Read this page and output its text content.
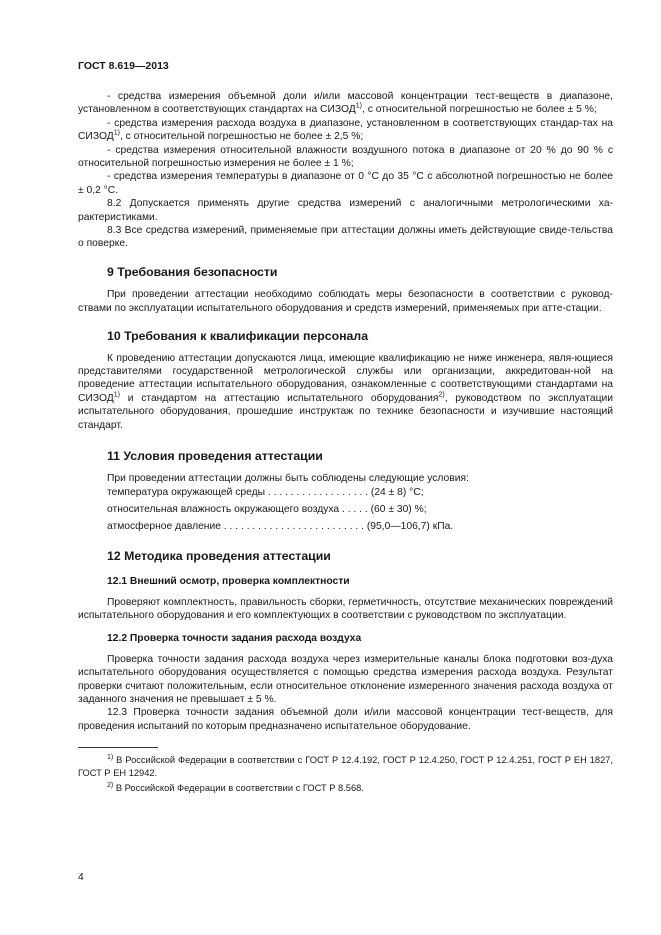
ГОСТ 8.619—2013

- средства измерения объемной доли и/или массовой концентрации тест-веществ в диапазоне, установленном в соответствующих стандартах на СИЗОД$^{1)}$, с относительной погрешностью не более ± 5 %;

- средства измерения расхода воздуха в диапазоне, установленном в соответствующих стандар-тах на СИЗОД$^{1)}$, с относительной погрешностью не более ± 2,5 %;

- средства измерения относительной влажности воздушного потока в диапазоне от 20 % до 90 % с относительной погрешностью измерения не более ± 1 %;

- средства измерения температуры в диапазоне от 0 °С до 35 °С с абсолютной погрешностью не более ± 0,2 °С.

8.2 Допускается применять другие средства измерений с аналогичными метрологическими ха-рактеристиками.

8.3 Все средства измерений, применяемые при аттестации должны иметь действующие свиде-тельства о поверке.

9 Требования безопасности

При проведении аттестации необходимо соблюдать меры безопасности в соответствии с руковод-ствами по эксплуатации испытательного оборудования и средств измерений, применяемых при атте-стации.

10 Требования к квалификации персонала

К проведению аттестации допускаются лица, имеющие квалификацию не ниже инженера, явля-ющиеся представителями государственной метрологической службы или организации, аккредитован-ной на проведение аттестации испытательного оборудования, ознакомленные с соответствующими стандартами на СИЗОД$^{1)}$ и стандартом на аттестацию испытательного оборудования$^{2)}$, руководством по эксплуатации испытательного оборудования, прошедшие инструктаж по технике безопасности и изучившие настоящий стандарт.

11 Условия проведения аттестации

При проведении аттестации должны быть соблюдены следующие условия:

температура окружающей среды . . . . . . . . . . . . . . . . . . (24 ± 8) °С;
относительная влажность окружающего воздуха . . . . . (60 ± 30) %;
атмосферное давление . . . . . . . . . . . . . . . . . . . . . . . . . (95,0—106,7) кПа.
12 Методика проведения аттестации
12.1 Внешний осмотр, проверка комплектности

Проверяют комплектность, правильность сборки, герметичность, отсутствие механических повреждений испытательного оборудования и его комплектующих в соответствии с руководством по эксплуатации.

12.2 Проверка точности задания расхода воздуха

Проверка точности задания расхода воздуха через измерительные каналы блока подготовки воз-духа испытательного оборудования осуществляется с помощью средства измерения расхода воздуха. Результат проверки считают положительным, если относительное отклонение измеренного значения расхода воздуха от заданного значения не превышает ± 5 %.

12.3 Проверка точности задания объемной доли и/или массовой концентрации тест-веществ, для проведения испытаний по которым предназначено испытательное оборудование.

$^{1)}$ В Российской Федерации в соответствии с ГОСТ Р 12.4.192, ГОСТ Р 12.4.250, ГОСТ Р 12.4.251, ГОСТ Р ЕН 1827, ГОСТ Р ЕН 12942.

$^{2)}$ В Российской Федерации в соответствии с ГОСТ Р 8.568.

4
